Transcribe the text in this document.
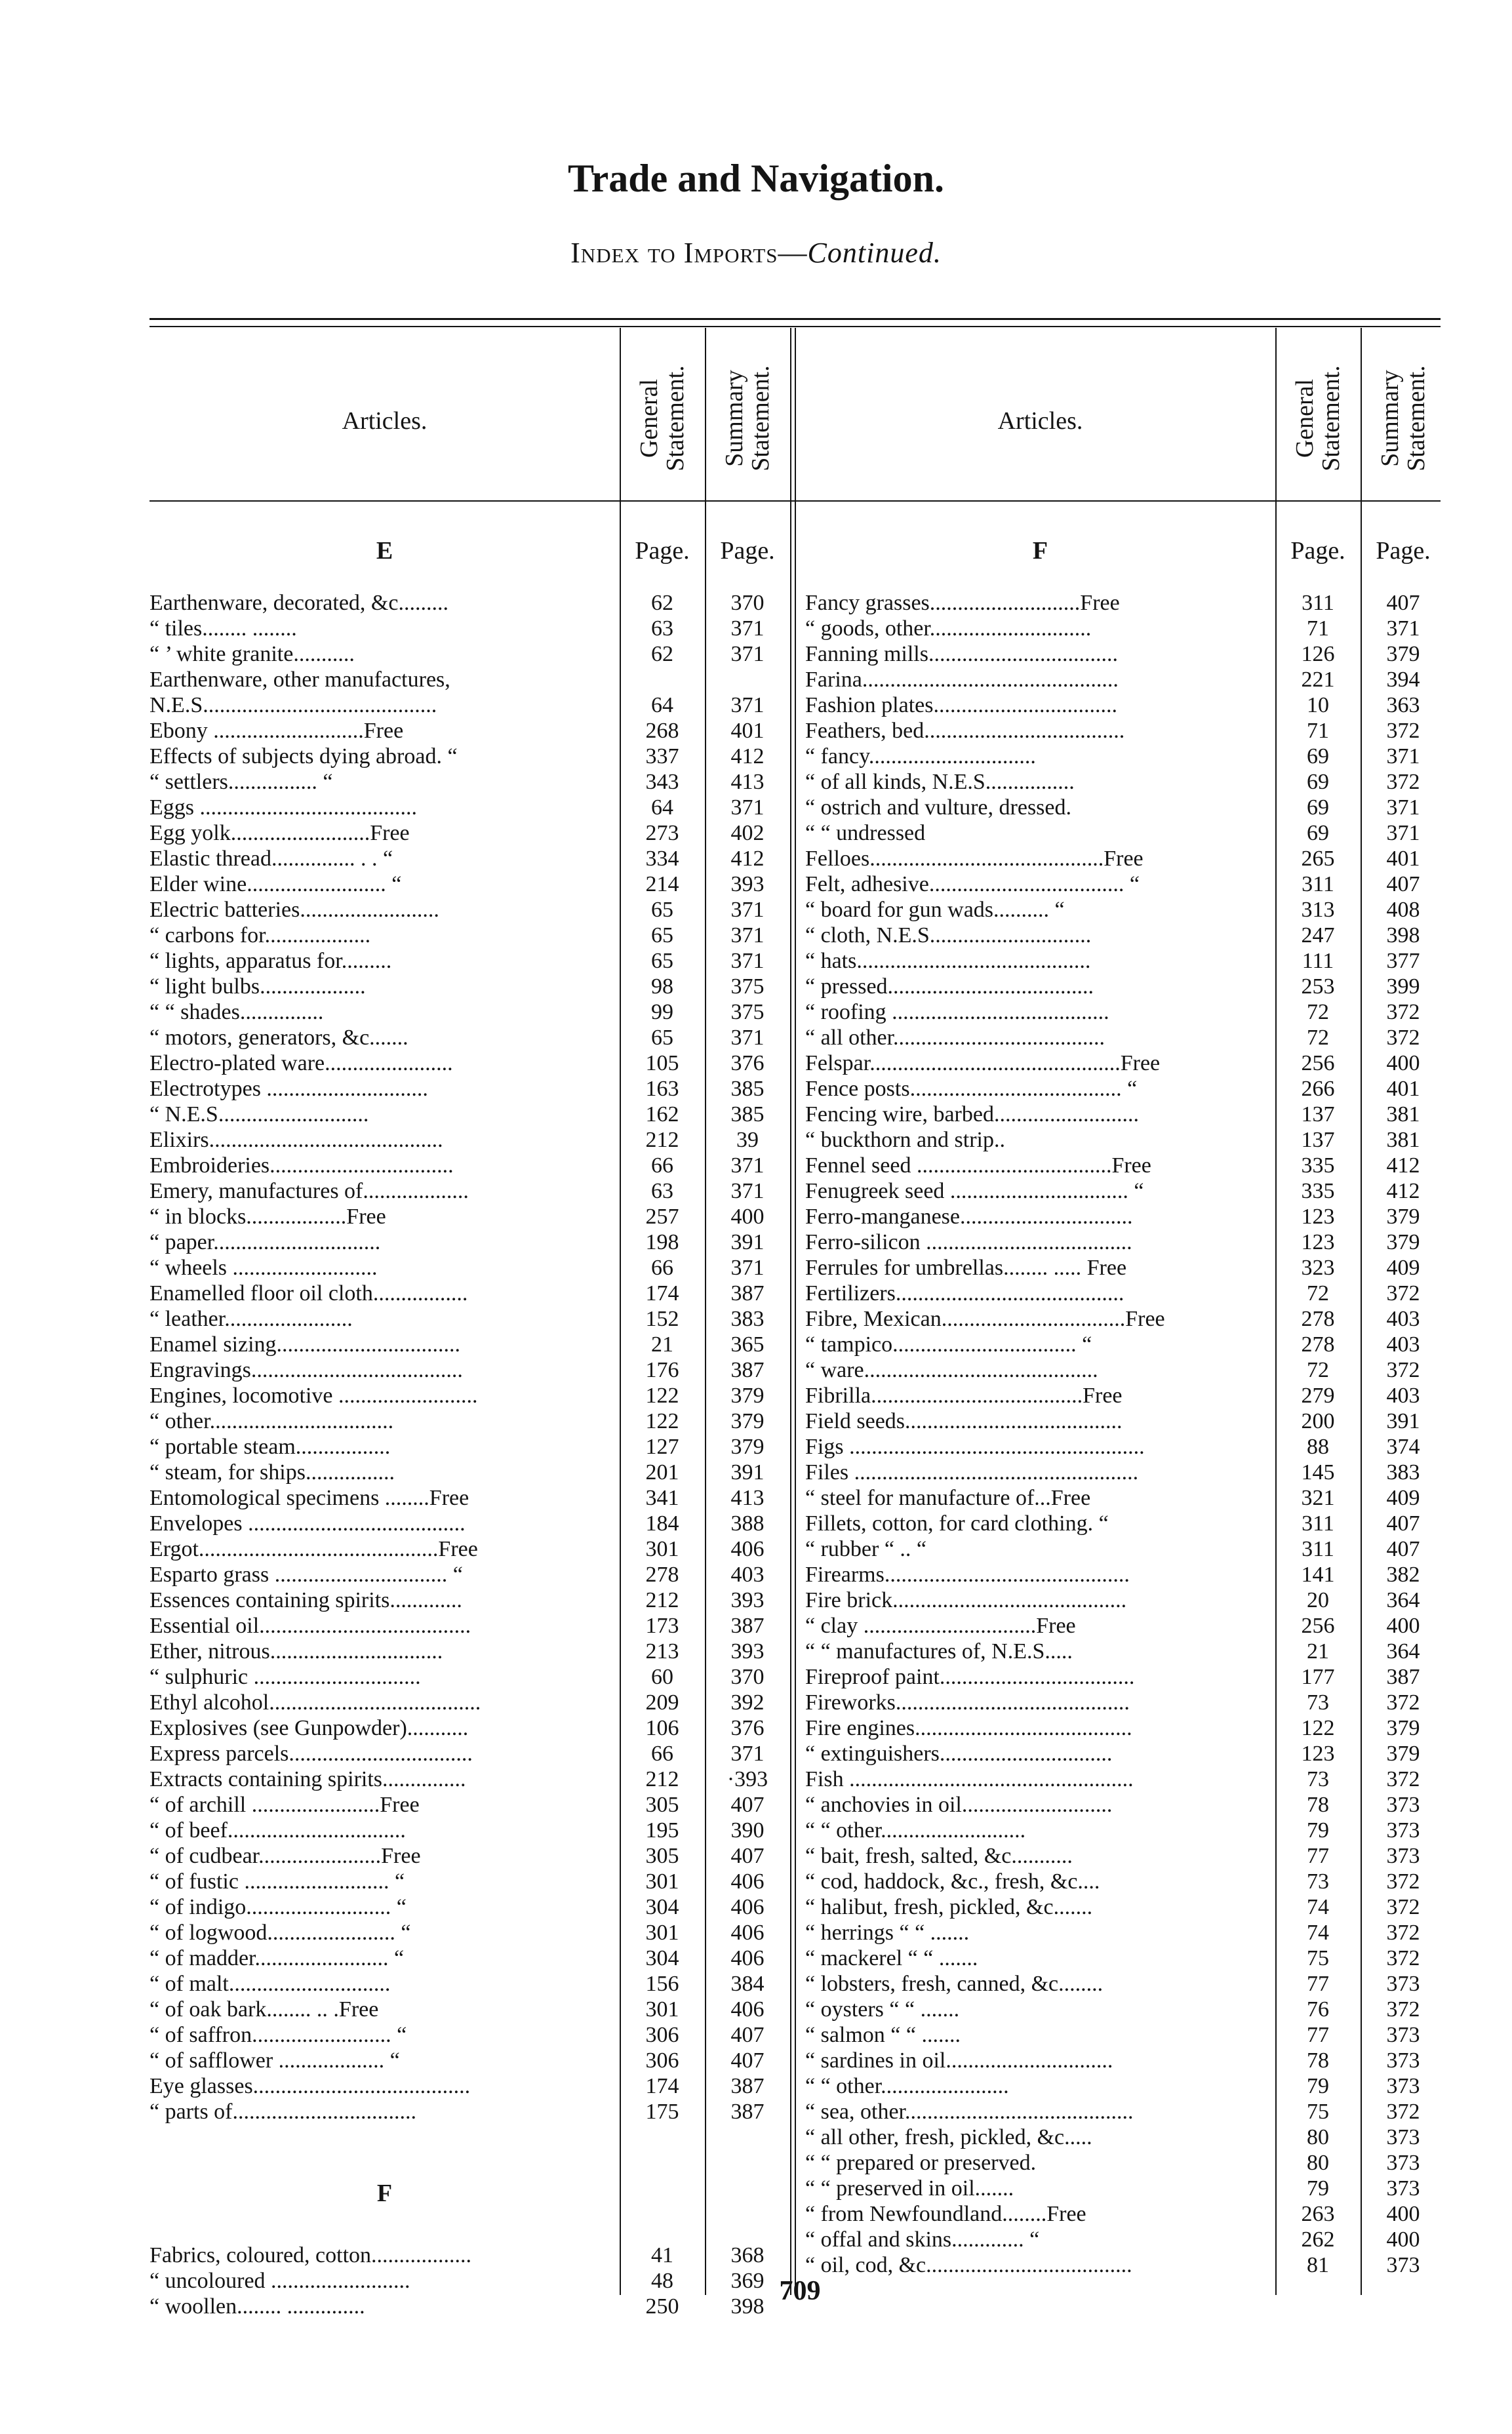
Trade and Navigation.
Index to Imports—Continued.
Articles.	General Statement. Summary Statement.
E	Page.	Page.
Earthenware, decorated, &c.........	62	370
“ tiles........ ........	63	371
“ ’ white granite...........	62	371
Earthenware, other manufactures,
N.E.S..........................................	64	371
Ebony ...........................Free	268	401
Effects of subjects dying abroad. “	337	412
“ settlers................ “	343	413
Eggs .......................................	64	371
Egg yolk.........................Free	273	402
Elastic thread............... . . “	334	412
Elder wine......................... “	214	393
Electric batteries.........................	65	371
“ carbons for...................	65	371
“ lights, apparatus for.........	65	371
“ light bulbs...................	98	375
“ “ shades...............	99	375
“ motors, generators, &c.......	65	371
Electro-plated ware.......................	105	376
Electrotypes .............................	163	385
“ N.E.S...........................	162	385
Elixirs..........................................	212	39
Embroideries.................................	66	371
Emery, manufactures of...................	63	371
“ in blocks..................Free	257	400
“ paper..............................	198	391
“ wheels ..........................	66	371
Enamelled floor oil cloth.................	174	387
“ leather.......................	152	383
Enamel sizing.................................	21	365
Engravings......................................	176	387
Engines, locomotive .........................	122	379
“ other.................................	122	379
“ portable steam.................	127	379
“ steam, for ships................	201	391
Entomological specimens ........Free	341	413
Envelopes .......................................	184	388
Ergot...........................................Free	301	406
Esparto grass ............................... “	278	403
Essences containing spirits.............	212	393
Essential oil......................................	173	387
Ether, nitrous...............................	213	393
“ sulphuric ..............................	60	370
Ethyl alcohol......................................	209	392
Explosives (see Gunpowder)...........	106	376
Express parcels.................................	66	371
Extracts containing spirits...............	212	·393
“ of archill .......................Free	305	407
“ of beef................................	195	390
“ of cudbear......................Free	305	407
“ of fustic .......................... “	301	406
“ of indigo.......................... “	304	406
“ of logwood....................... “	301	406
“ of madder........................ “	304	406
“ of malt.............................	156	384
“ of oak bark........ .. .Free	301	406
“ of saffron......................... “	306	407
“ of safflower ................... “	306	407
Eye glasses.......................................	174	387
“ parts of.................................	175	387
F
Fabrics, coloured, cotton..................	41	368
“ uncoloured .........................	48	369
“ woollen........ ..............	250	398
Articles.	General Statement. Summary Statement.
F	Page.	Page.
Fancy grasses...........................Free	311	407
“ goods, other.............................	71	371
Fanning mills..................................	126	379
Farina..............................................	221	394
Fashion plates.................................	10	363
Feathers, bed....................................	71	372
“ fancy..............................	69	371
“ of all kinds, N.E.S................	69	372
“ ostrich and vulture, dressed.	69	371
“ “ undressed	69	371
Felloes..........................................Free	265	401
Felt, adhesive................................... “	311	407
“ board for gun wads.......... “	313	408
“ cloth, N.E.S.............................	247	398
“ hats..........................................	111	377
“ pressed.....................................	253	399
“ roofing .......................................	72	372
“ all other......................................	72	372
Felspar.............................................Free	256	400
Fence posts...................................... “	266	401
Fencing wire, barbed..........................	137	381
“ buckthorn and strip..	137	381
Fennel seed ...................................Free	335	412
Fenugreek seed ................................ “	335	412
Ferro-manganese...............................	123	379
Ferro-silicon .....................................	123	379
Ferrules for umbrellas........ ..... Free	323	409
Fertilizers.........................................	72	372
Fibre, Mexican.................................Free	278	403
“ tampico................................. “	278	403
“ ware..........................................	72	372
Fibrilla......................................Free	279	403
Field seeds.......................................	200	391
Figs .....................................................	88	374
Files ...................................................	145	383
“ steel for manufacture of...Free	321	409
Fillets, cotton, for card clothing. “	311	407
“ rubber “ .. “	311	407
Firearms............................................	141	382
Fire brick..........................................	20	364
“ clay ...............................Free	256	400
“ “ manufactures of, N.E.S.....	21	364
Fireproof paint...................................	177	387
Fireworks..........................................	73	372
Fire engines.......................................	122	379
“ extinguishers...............................	123	379
Fish ...................................................	73	372
“ anchovies in oil...........................	78	373
“ “ other..........................	79	373
“ bait, fresh, salted, &c...........	77	373
“ cod, haddock, &c., fresh, &c....	73	372
“ halibut, fresh, pickled, &c.......	74	372
“ herrings “ “ .......	74	372
“ mackerel “ “ .......	75	372
“ lobsters, fresh, canned, &c........	77	373
“ oysters “ “ .......	76	372
“ salmon “ “ .......	77	373
“ sardines in oil..............................	78	373
“ “ other.......................	79	373
“ sea, other.........................................	75	372
“ all other, fresh, pickled, &c.....	80	373
“ “ prepared or preserved.	80	373
“ “ preserved in oil.......	79	373
“ from Newfoundland........Free	263	400
“ offal and skins............. “	262	400
“ oil, cod, &c.....................................	81	373
709
